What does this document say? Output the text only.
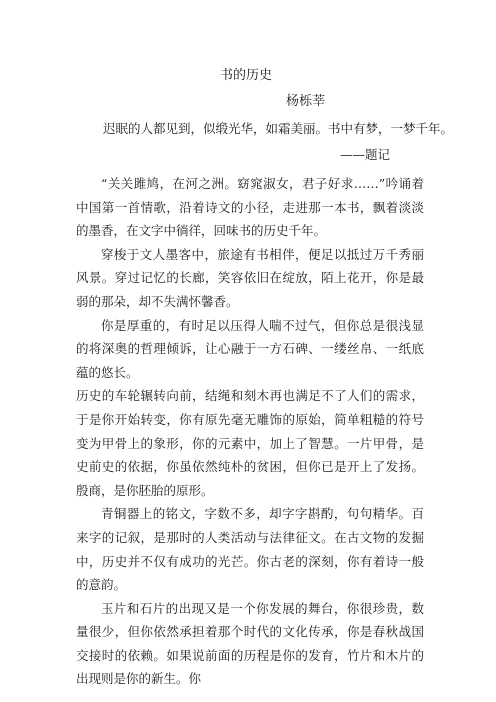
书的历史
杨栎莘
迟眠的人都见到，似缎光华，如霜美丽。书中有梦，一梦千年。
——题记

“关关雎鸠，在河之洲。窈窕淑女，君子好求……”吟诵着中国第一首情歌，沿着诗文的小径，走进那一本书，飘着淡淡的墨香，在文字中徜徉，回味书的历史千年。

穿梭于文人墨客中，旅途有书相伴，便足以抵过万千秀丽风景。穿过记忆的长廊，笑容依旧在绽放，陌上花开，你是最弱的那朵，却不失满怀馨香。

你是厚重的，有时足以压得人喘不过气，但你总是很浅显的将深奥的哲理倾诉，让心融于一方石碑、一缕丝帛、一纸底蕴的悠长。

历史的车轮辗转向前，结绳和刻木再也满足不了人们的需求，于是你开始转变，你有原先毫无雕饰的原始，简单粗糙的符号变为甲骨上的象形，你的元素中，加上了智慧。一片甲骨，是史前史的依据，你虽依然纯朴的贫困，但你已是开上了发扬。殷商，是你胚胎的原形。

青铜器上的铭文，字数不多，却字字斟酌，句句精华。百来字的记叙，是那时的人类活动与法律征文。在古文物的发掘中，历史并不仅有成功的光芒。你古老的深刻，你有着诗一般的意韵。

玉片和石片的出现又是一个你发展的舞台，你很珍贵，数量很少，但你依然承担着那个时代的文化传承，你是春秋战国交接时的依赖。如果说前面的历程是你的发育，竹片和木片的出现则是你的新生。你
